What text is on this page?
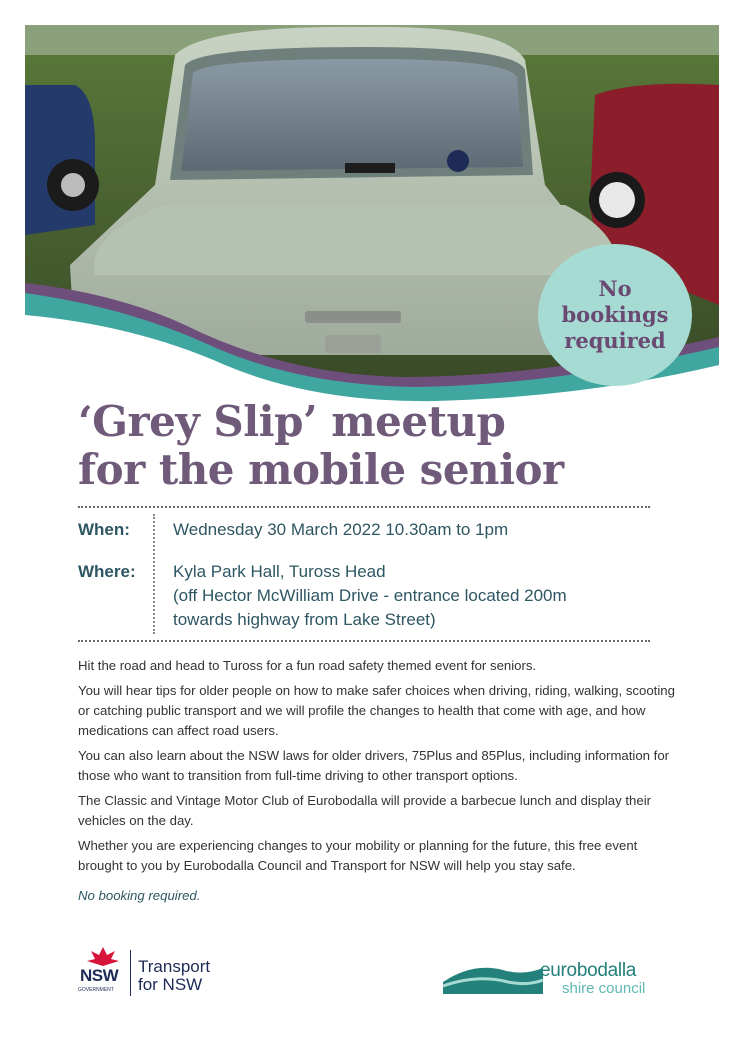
No
bookings
required
‘Grey Slip’ meetup
for the mobile senior
When:	Wednesday 30 March 2022 10.30am to 1pm
Where: Kyla Park Hall, Tuross Head
(off Hector McWilliam Drive - entrance located 200m
towards highway from Lake Street)

Hit the road and head to Tuross for a fun road safety themed event for seniors.

You will hear tips for older people on how to make safer choices when driving, riding, walking, scooting or catching public transport and we will profile the changes to health that come with age, and how medications can affect road users.

You can also learn about the NSW laws for older drivers, 75Plus and 85Plus, including information for those who want to transition from full-time driving to other transport options.

The Classic and Vintage Motor Club of Eurobodalla will provide a barbecue lunch and display their vehicles on the day.

Whether you are experiencing changes to your mobility or planning for the future, this free event brought to you by Eurobodalla Council and Transport for NSW will help you stay safe.

No booking required.
NSW
GOVERNMENT
Transport
for NSW
eurobodalla
shire council
